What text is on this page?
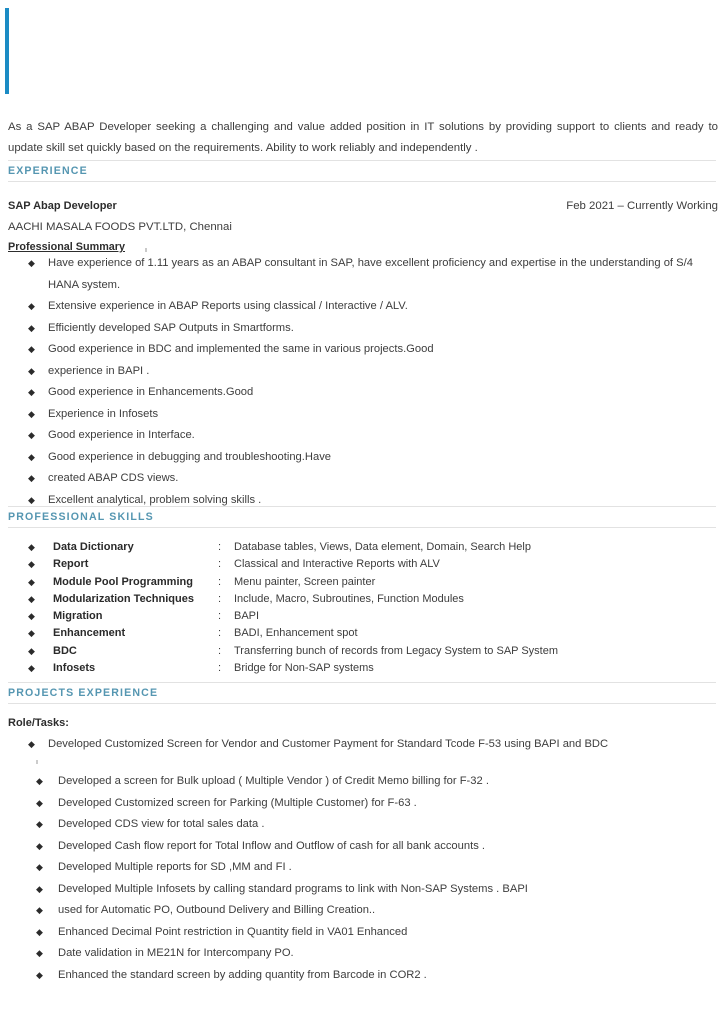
As a SAP ABAP Developer seeking a challenging and value added position in IT solutions by providing support to clients and ready to update skill set quickly based on the requirements. Ability to work reliably and independently .

EXPERIENCE
SAP Abap Developer	Feb 2021 – Currently Working
AACHI MASALA FOODS PVT.LTD, Chennai
Professional Summary
◆	Have experience of 1.11 years as an ABAP consultant in SAP, have excellent proficiency and expertise in the understanding of S/4 HANA system.
◆	Extensive experience in ABAP Reports using classical / Interactive / ALV.
◆	Efficiently developed SAP Outputs in Smartforms.
◆	Good experience in BDC and implemented the same in various projects.Good
◆	experience in BAPI .
◆	Good experience in Enhancements.Good
◆	Experience in Infosets
◆	Good experience in Interface.
◆	Good experience in debugging and troubleshooting.Have
◆	created ABAP CDS views.
◆	Excellent analytical, problem solving skills .
PROFESSIONAL SKILLS
◆	Data Dictionary	:	Database tables, Views, Data element, Domain, Search Help
◆	Report	:	Classical and Interactive Reports with ALV
◆	Module Pool Programming	:	Menu painter, Screen painter
◆	Modularization Techniques	:	Include, Macro, Subroutines, Function Modules
◆	Migration	:	BAPI
◆	Enhancement	:	BADI, Enhancement spot
◆	BDC	:	Transferring bunch of records from Legacy System to SAP System
◆	Infosets	:	Bridge for Non-SAP systems
PROJECTS EXPERIENCE
Role/Tasks:
◆	Developed Customized Screen for Vendor and Customer Payment for Standard Tcode F-53 using BAPI and BDC
◆	Developed a screen for Bulk upload ( Multiple Vendor ) of Credit Memo billing for F-32 .
◆	Developed Customized screen for Parking (Multiple Customer) for F-63 .
◆	Developed CDS view for total sales data .
◆	Developed Cash flow report for Total Inflow and Outflow of cash for all bank accounts .
◆	Developed Multiple reports for SD ,MM and FI .
◆	Developed Multiple Infosets by calling standard programs to link with Non-SAP Systems . BAPI
◆	used for Automatic PO, Outbound Delivery and Billing Creation..
◆	Enhanced Decimal Point restriction in Quantity field in VA01 Enhanced
◆	Date validation in ME21N for Intercompany PO.
◆	Enhanced the standard screen by adding quantity from Barcode in COR2 .
